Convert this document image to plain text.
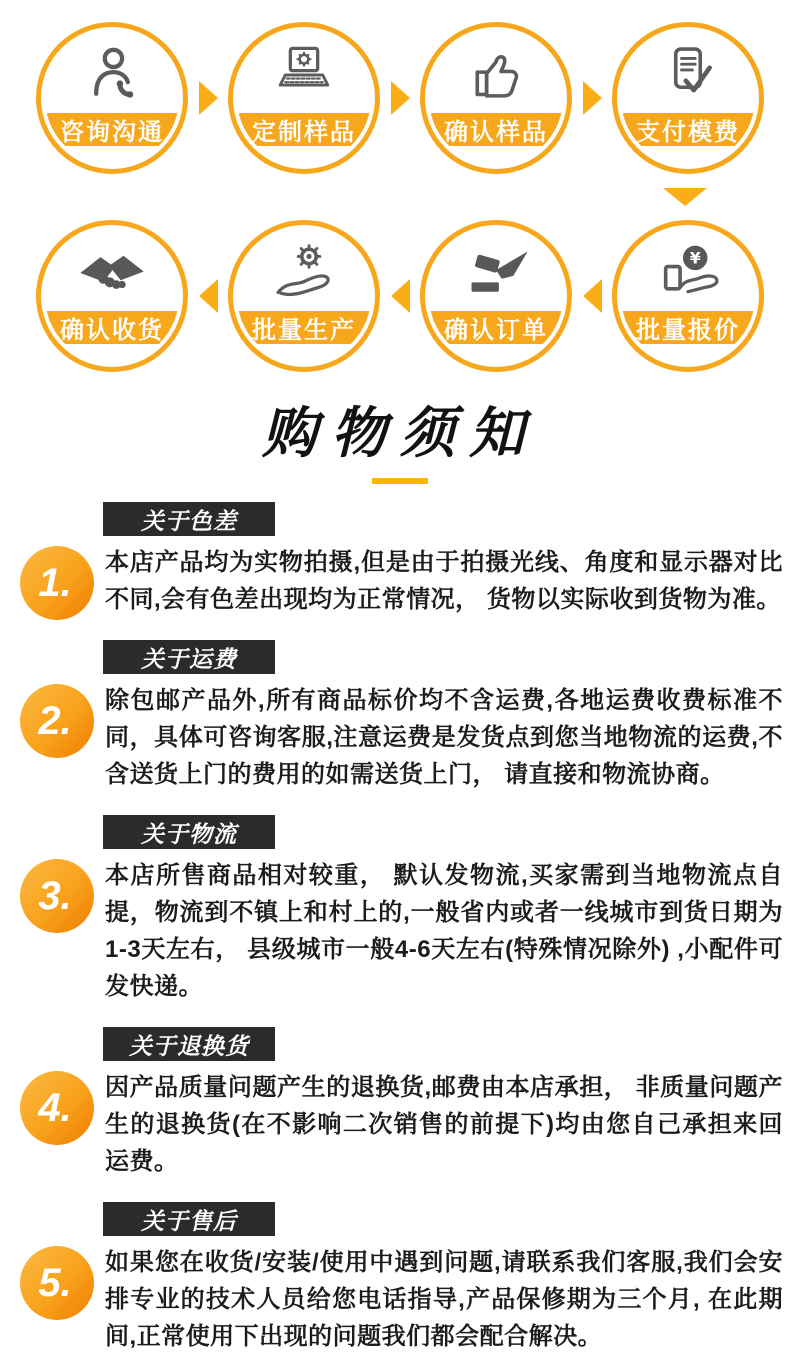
咨询沟通	定制样品	确认样品	支付模费
确认收货	批量生产	确认订单
¥
批量报价
购物须知
关于色差
1. 本店产品均为实物拍摄,但是由于拍摄光线、角度和显示器对比不同,会有色差出现均为正常情况， 货物以实际收到货物为准。
关于运费
2. 除包邮产品外,所有商品标价均不含运费,各地运费收费标准不同，具体可咨询客服,注意运费是发货点到您当地物流的运费,不含送货上门的费用的如需送货上门， 请直接和物流协商。
关于物流
3. 本店所售商品相对较重， 默认发物流,买家需到当地物流点自提，物流到不镇上和村上的,一般省内或者一线城市到货日期为1-3天左右， 县级城市一般4-6天左右(特殊情况除外) ,小配件可发快递。
关于退换货
4. 因产品质量问题产生的退换货,邮费由本店承担， 非质量问题产生的退换货(在不影响二次销售的前提下)均由您自己承担来回运费。
关于售后
5. 如果您在收货/安装/使用中遇到问题,请联系我们客服,我们会安排专业的技术人员给您电话指导,产品保修期为三个月, 在此期间,正常使用下出现的问题我们都会配合解决。
